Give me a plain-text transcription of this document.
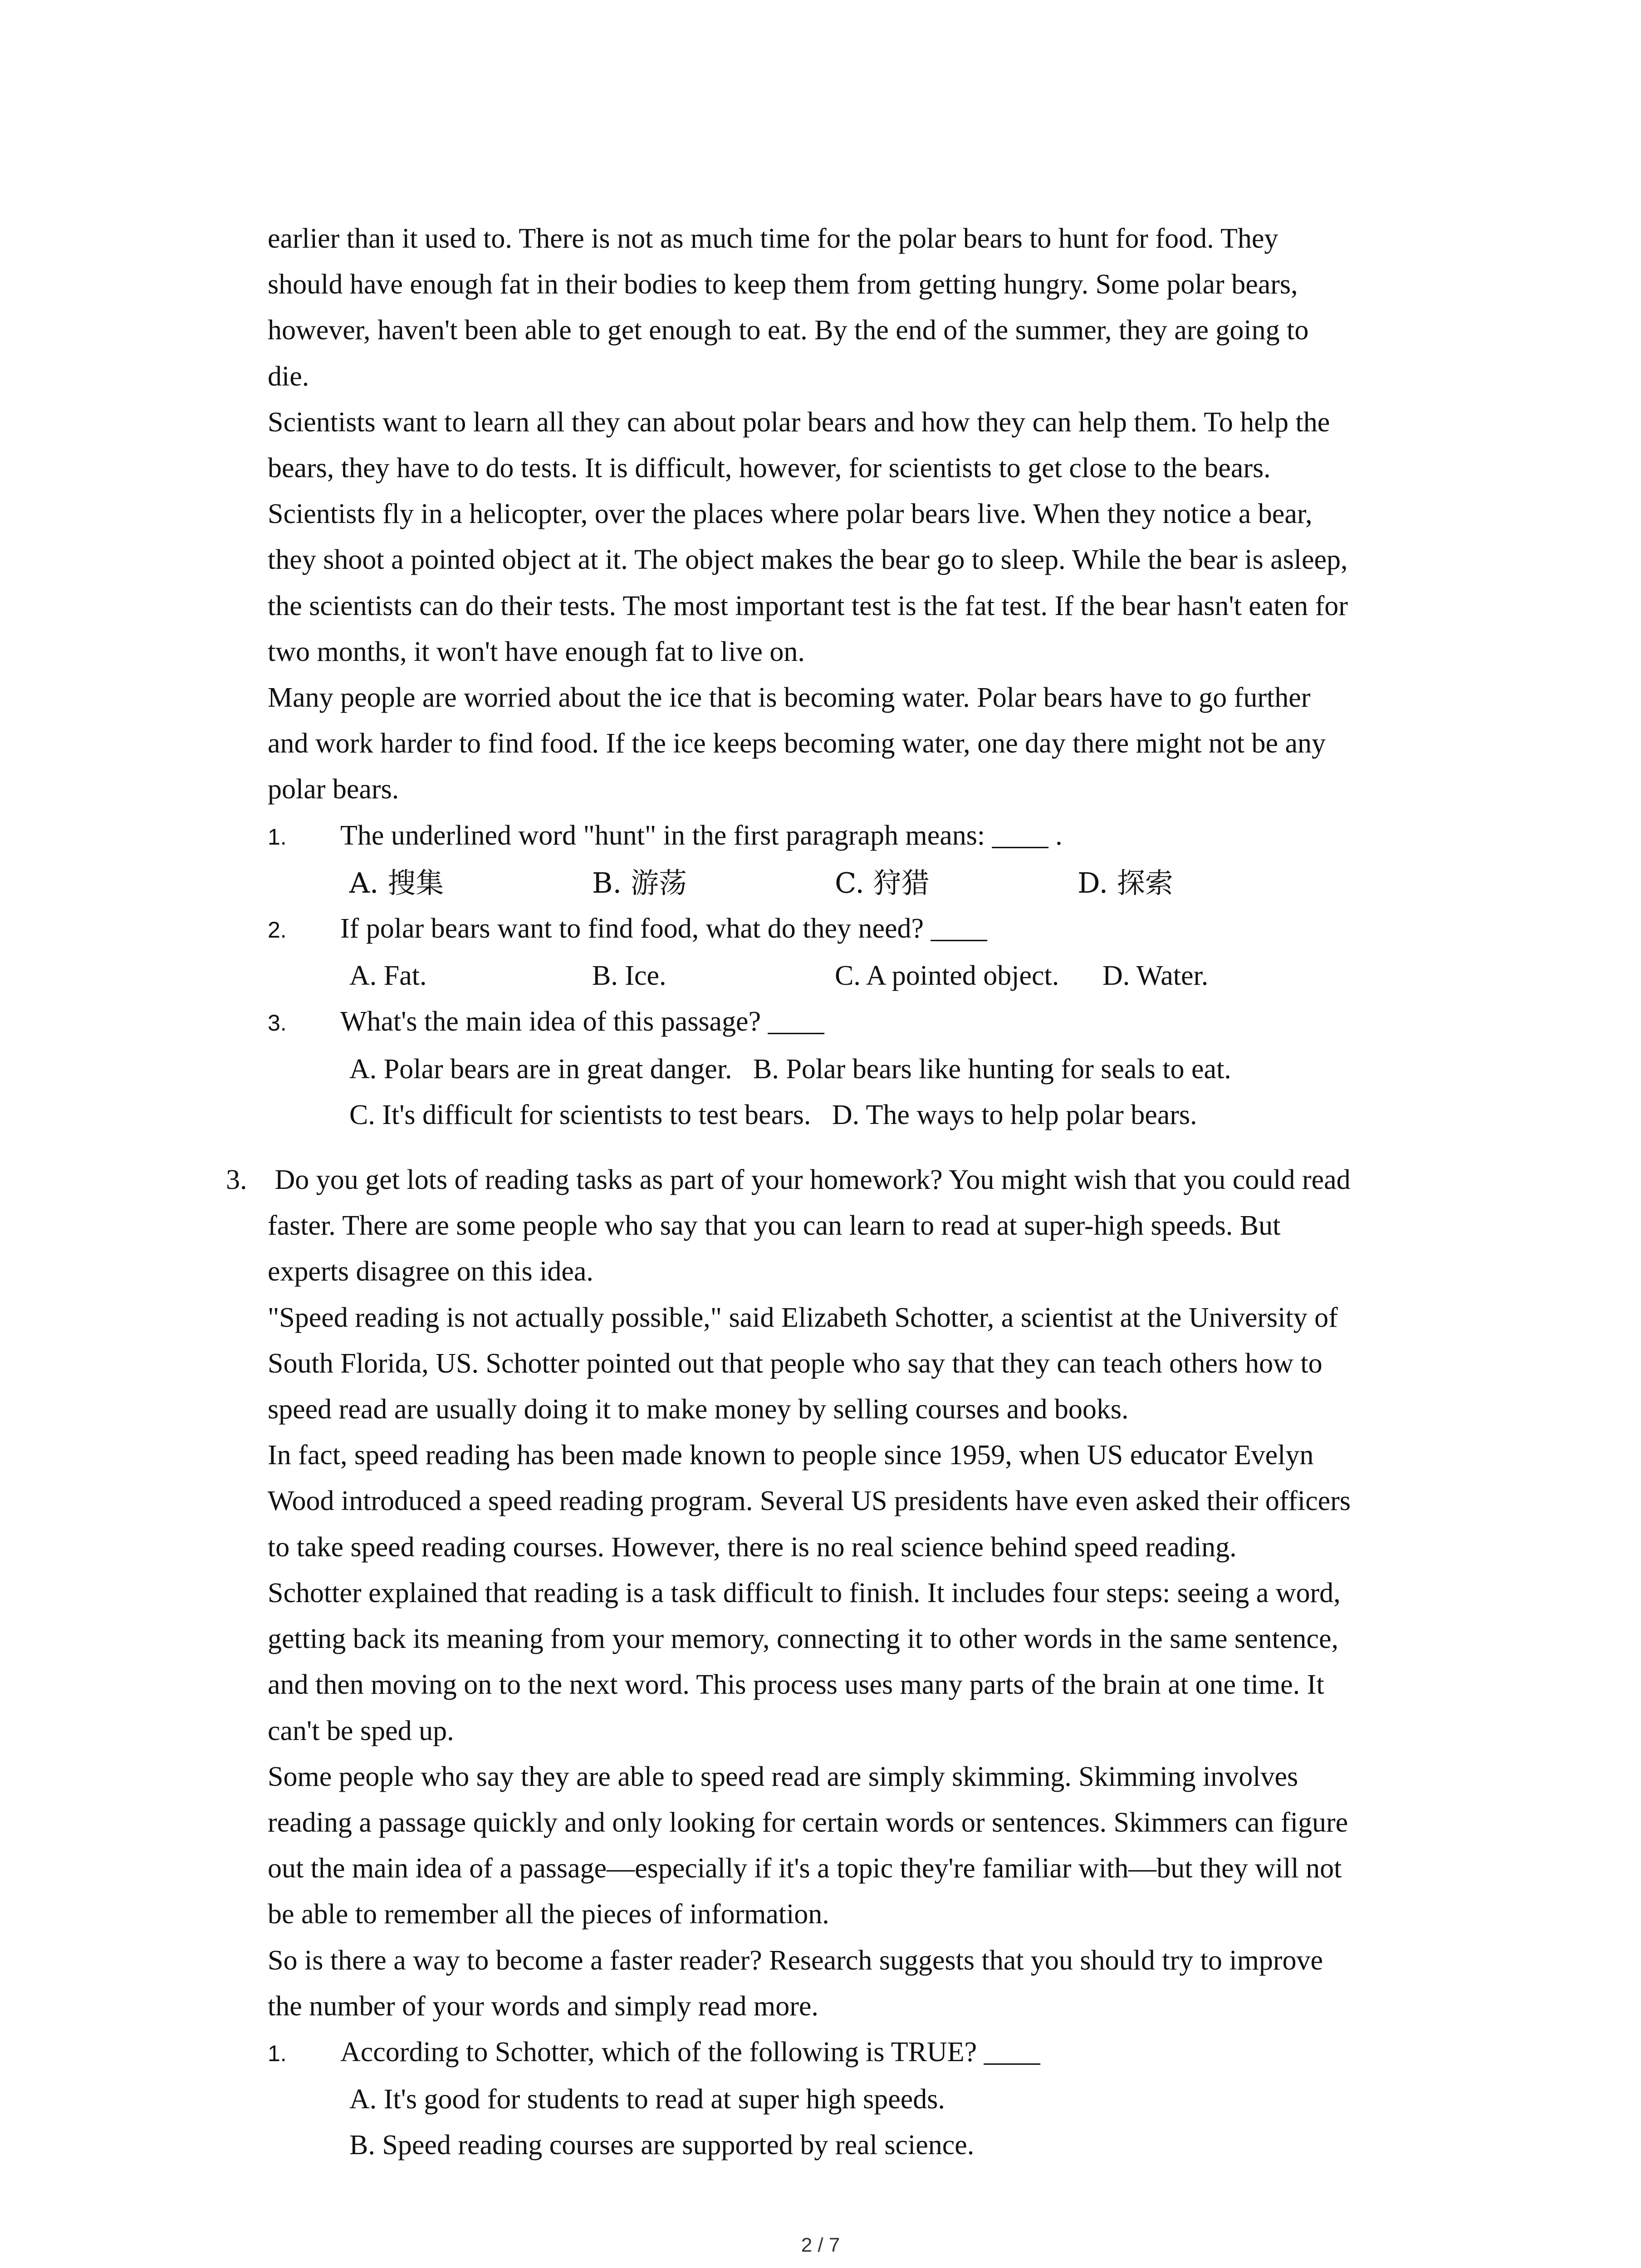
earlier than it used to. There is not as much time for the polar bears to hunt for food. They

should have enough fat in their bodies to keep them from getting hungry. Some polar bears,

however, haven't been able to get enough to eat. By the end of the summer, they are going to

die.

Scientists want to learn all they can about polar bears and how they can help them. To help the

bears, they have to do tests. It is difficult, however, for scientists to get close to the bears.

Scientists fly in a helicopter, over the places where polar bears live. When they notice a bear,

they shoot a pointed object at it. The object makes the bear go to sleep. While the bear is asleep,

the scientists can do their tests. The most important test is the fat test. If the bear hasn't eaten for

two months, it won't have enough fat to live on.

Many people are worried about the ice that is becoming water. Polar bears have to go further

and work harder to find food. If the ice keeps becoming water, one day there might not be any

polar bears.

1.	The underlined word "hunt" in the first paragraph means: ____ .
A. 搜集	B. 游荡	C. 狩猎	D. 探索
2.	If polar bears want to find food, what do they need? ____
A. Fat.	B. Ice.	C. A pointed object.	D. Water.
3.	What's the main idea of this passage? ____
A. Polar bears are in great danger.   B. Polar bears like hunting for seals to eat.
C. It's difficult for scientists to test bears.   D. The ways to help polar bears.
3. Do you get lots of reading tasks as part of your homework? You might wish that you could read

faster. There are some people who say that you can learn to read at super-high speeds. But

experts disagree on this idea.

"Speed reading is not actually possible," said Elizabeth Schotter, a scientist at the University of

South Florida, US. Schotter pointed out that people who say that they can teach others how to

speed read are usually doing it to make money by selling courses and books.

In fact, speed reading has been made known to people since 1959, when US educator Evelyn

Wood introduced a speed reading program. Several US presidents have even asked their officers

to take speed reading courses. However, there is no real science behind speed reading.

Schotter explained that reading is a task difficult to finish. It includes four steps: seeing a word,

getting back its meaning from your memory, connecting it to other words in the same sentence,

and then moving on to the next word. This process uses many parts of the brain at one time. It

can't be sped up.

Some people who say they are able to speed read are simply skimming. Skimming involves

reading a passage quickly and only looking for certain words or sentences. Skimmers can figure

out the main idea of a passage—especially if it's a topic they're familiar with—but they will not

be able to remember all the pieces of information.

So is there a way to become a faster reader? Research suggests that you should try to improve

the number of your words and simply read more.

1.	According to Schotter, which of the following is TRUE? ____
A. It's good for students to read at super high speeds.
B. Speed reading courses are supported by real science.
2 / 7
